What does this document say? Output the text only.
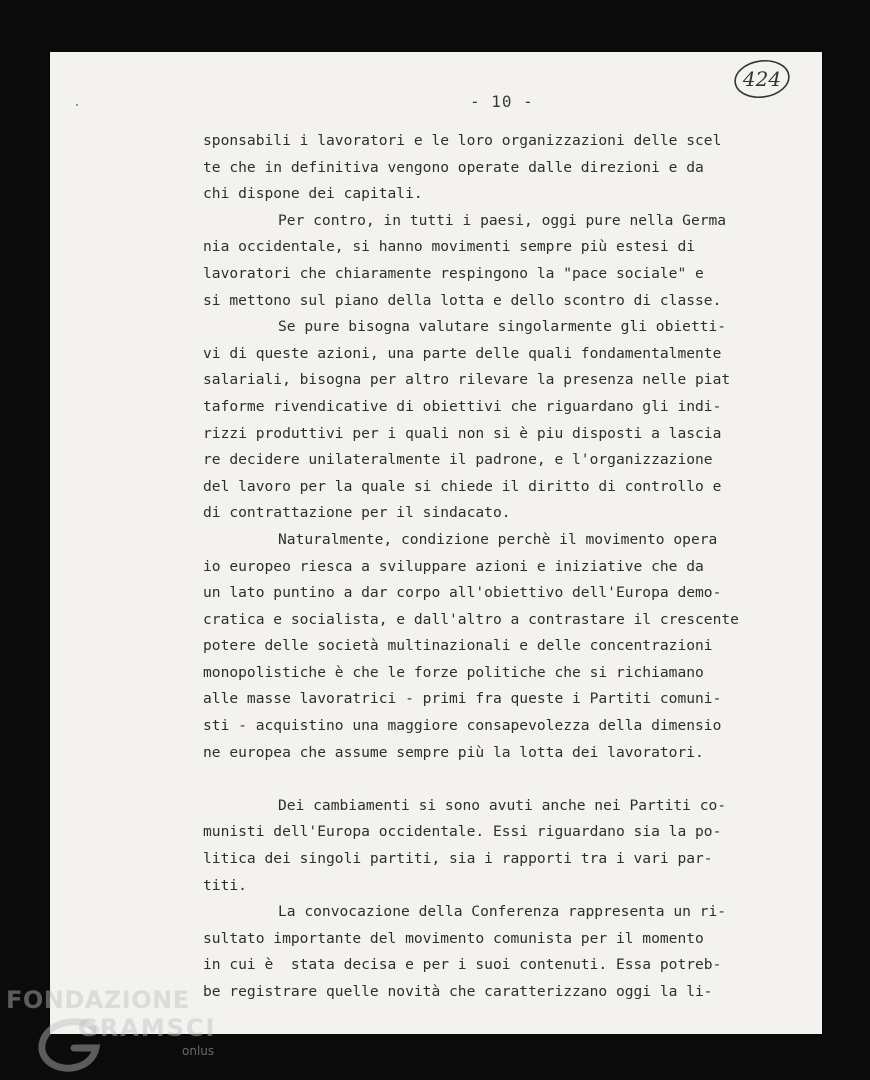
- 10 -
424
sponsabili i lavoratori e le loro organizzazioni delle scel
te che in definitiva vengono operate dalle direzioni e da
chi dispone dei capitali.
Per contro, in tutti i paesi, oggi pure nella Germa
nia occidentale, si hanno movimenti sempre più estesi di
lavoratori che chiaramente respingono la "pace sociale" e
si mettono sul piano della lotta e dello scontro di classe.
Se pure bisogna valutare singolarmente gli obietti-
vi di queste azioni, una parte delle quali fondamentalmente
salariali, bisogna per altro rilevare la presenza nelle piat
taforme rivendicative di obiettivi che riguardano gli indi-
rizzi produttivi per i quali non si è piu disposti a lascia
re decidere unilateralmente il padrone, e l'organizzazione
del lavoro per la quale si chiede il diritto di controllo e
di contrattazione per il sindacato.
Naturalmente, condizione perchè il movimento opera
io europeo riesca a sviluppare azioni e iniziative che da
un lato puntino a dar corpo all'obiettivo dell'Europa demo-
cratica e socialista, e dall'altro a contrastare il crescente
potere delle società multinazionali e delle concentrazioni
monopolistiche è che le forze politiche che si richiamano
alle masse lavoratrici - primi fra queste i Partiti comuni-
sti - acquistino una maggiore consapevolezza della dimensio
ne europea che assume sempre più la lotta dei lavoratori.
Dei cambiamenti si sono avuti anche nei Partiti co-
munisti dell'Europa occidentale. Essi riguardano sia la po-
litica dei singoli partiti, sia i rapporti tra i vari par-
titi.
La convocazione della Conferenza rappresenta un ri-
sultato importante del movimento comunista per il momento
in cui è  stata decisa e per i suoi contenuti. Essa potreb-
be registrare quelle novità che caratterizzano oggi la li-
FONDAZIONE
GRAMSCI
onlus
